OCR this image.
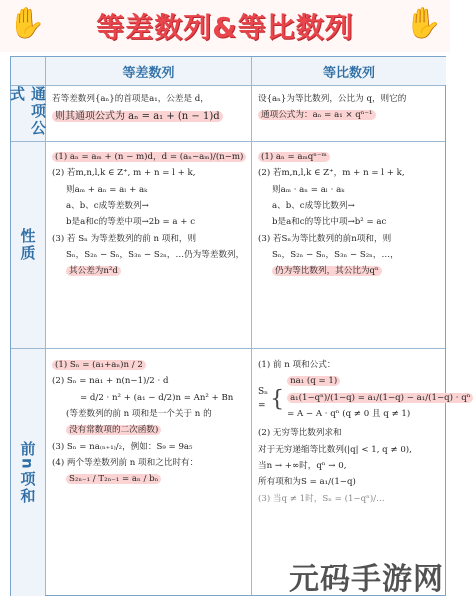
✋ 等差数列&等比数列 ✋
等差数列	等比数列
通项公式
性质
前n项和
若等差数列{aₙ}的首项是a₁，公差是 d，
则其通项公式为 aₙ = a₁ + (n − 1)d
设{aₙ}为等比数列，公比为 q，则它的
通项公式为：aₙ = a₁ × qⁿ⁻¹
(1) aₙ = aₘ + (n − m)d，d = (aₙ−aₘ)/(n−m)
(2) 若m,n,l,k ∈ Z⁺, m + n = l + k,
则aₘ + aₙ = aₗ + aₖ
a、b、c成等差数列→
b是a和c的等差中项→2b = a + c
(3) 若 Sₙ 为等差数列的前 n 项和，则
Sₙ，S₂ₙ − Sₙ，S₃ₙ − S₂ₙ，…仍为等差数列，
其公差为n²d
(1) aₙ = aₘqⁿ⁻ᵐ
(2) 若m,n,l,k ∈ Z⁺，m + n = l + k,
则aₘ · aₙ = aₗ · aₖ
a、b、c成等比数列→
b是a和c的等比中项→b² = ac
(3) 若Sₙ为等比数列的前n项和，则
Sₙ，S₂ₙ − Sₙ，S₃ₙ − S₂ₙ，…，
仍为等比数列，其公比为qⁿ
(1) Sₙ = (a₁+aₙ)n / 2
(2) Sₙ = na₁ + n(n−1)/2 · d
= d/2 · n² + (a₁ − d/2)n = An² + Bn
(等差数列的前 n 项和是一个关于 n 的
没有常数项的二次函数)
(3) Sₙ = na₍ₙ₊₁₎/₂，例如：S₉ = 9a₅
(4) 两个等差数列前 n 项和之比时有：
S₂ₙ₋₁ / T₂ₙ₋₁ = aₙ / bₙ
(1) 前 n 项和公式：
Sₙ = {
na₁ (q = 1)
a₁(1−qⁿ)/(1−q) = a₁/(1−q) − a₁/(1−q) · qⁿ
= A − A · qⁿ (q ≠ 0 且 q ≠ 1)
(2) 无穷等比数列求和
对于无穷递缩等比数列(|q| < 1, q ≠ 0),
当n → +∞时，qⁿ → 0,
所有项和为S = a₁/(1−q)
(3) 当q ≠ 1时，Sₙ = (1−qⁿ)/…
元码手游网
